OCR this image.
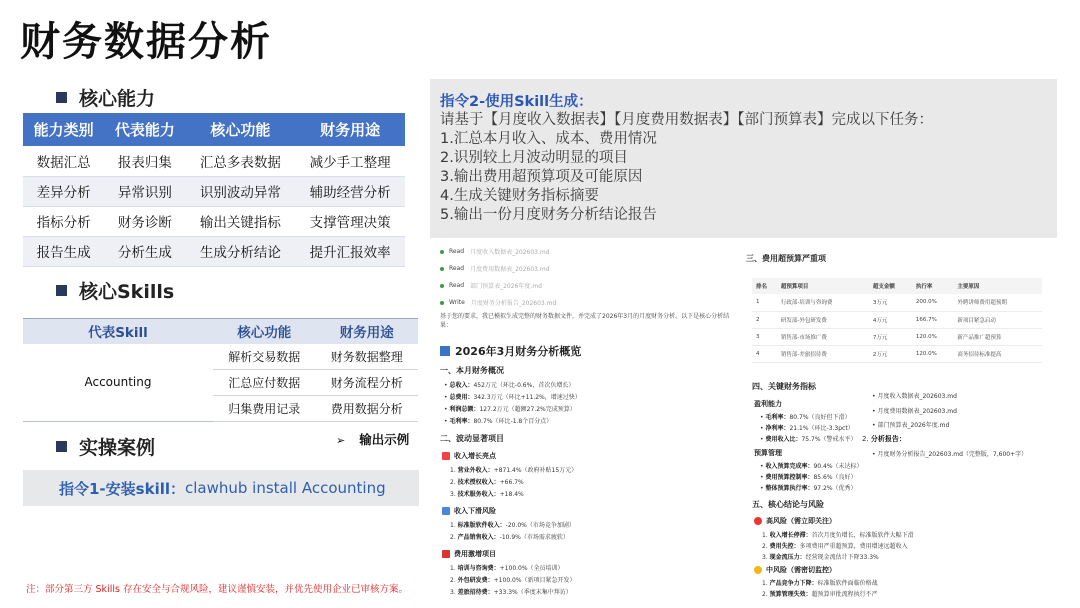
财务数据分析
核心能力
能力类别	代表能力	核心功能	财务用途
数据汇总	报表归集	汇总多表数据	减少手工整理
差异分析	异常识别	识别波动异常	辅助经营分析
指标分析	财务诊断	输出关键指标	支撑管理决策
报告生成	分析生成	生成分析结论	提升汇报效率
核心Skills
代表Skill	核心功能	财务用途
Accounting	解析交易数据	财务数据整理
	汇总应付数据	财务流程分析
	归集费用记录	费用数据分析
实操案例	➢ 输出示例
指令1-安装skill： clawhub install Accounting
注：部分第三方 Skills 存在安全与合规风险，建议谨慎安装，并优先使用企业已审核方案。
指令2-使用Skill生成：
请基于【月度收入数据表】【月度费用数据表】【部门预算表】完成以下任务：
1.汇总本月收入、成本、费用情况
2.识别较上月波动明显的项目
3.输出费用超预算项及可能原因
4.生成关键财务指标摘要
5.输出一份月度财务分析结论报告
Read 月度收入数据表_202603.md
Read 月度费用数据表_202603.md
Read 部门预算表_2026年度.md
Write 月度财务分析报告_202603.md
基于您的要求，我已模拟生成完整的财务数据文件，并完成了2026年3月的月度财务分析。以下是核心分析结果：
2026年3月财务分析概览
一、本月财务概况
• 总收入：452万元（环比-0.6%，首次负增长）
• 总费用：342.3万元（环比+11.2%，增速过快）
• 利润总额：127.2万元（超额27.2%完成预算）
• 毛利率：80.7%（环比-1.8个百分点）
二、波动显著项目
收入增长亮点
1. 营业外收入：+871.4%（政府补贴15万元）
2. 技术授权收入：+66.7%
3. 技术服务收入：+18.4%
收入下滑风险
1. 标准版软件收入：-20.0%（市场竞争加剧）
2. 产品销售收入：-10.9%（市场需求疲软）
费用激增项目
1. 培训与咨询费：+100.0%（全员培训）
2. 外包研发费：+100.0%（新项目紧急开发）
3. 差旅招待费：+33.3%（季度末集中拜访）
三、费用超预算严重项
排名	超预算项目	超支金额	执行率	主要原因
1	行政部-培训与咨询费	3万元	200.0%	外聘讲师费用超预期
2	研发部-外包研发费	4万元	166.7%	新项目紧急启动
3	销售部-市场推广费	7万元	120.0%	新产品推广超预算
4	销售部-差旅招待费	2万元	120.0%	商务招待标准提高
四、关键财务指标
盈利能力
• 毛利率：80.7%（良好但下滑）
• 净利率：21.1%（环比-3.3pct）
• 费用收入比：75.7%（警戒水平）
预算管理
• 收入预算完成率：90.4%（未达标）
• 费用预算控制率：85.6%（良好）
• 整体预算执行率：97.2%（优秀）
• 月度收入数据表_202603.md
• 月度费用数据表_202603.md
• 部门预算表_2026年度.md
2. 分析报告：
• 月度财务分析报告_202603.md（完整版，7,600+字）
五、核心结论与风险
高风险（需立即关注）
1. 收入增长停滞：首次月度负增长，标准版软件大幅下滑
2. 费用失控：多项费用严重超预算，费用增速远超收入
3. 现金流压力：经营现金流估计下降33.3%
中风险（需密切监控）
1. 产品竞争力下降：标准版软件面临价格战
2. 预算管理失效：超预算审批流程执行不严
